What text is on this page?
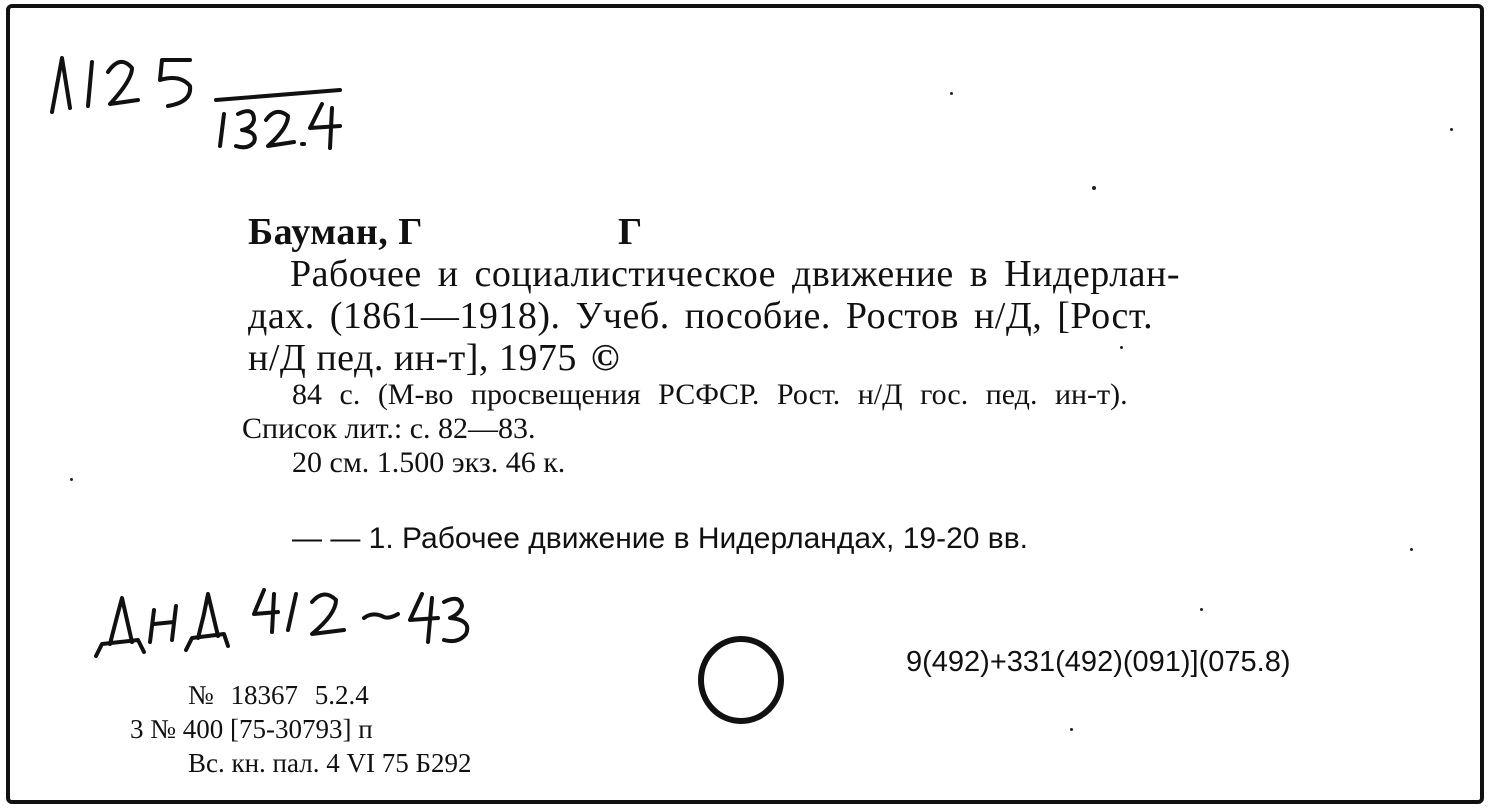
Бауман, Г	Г
Рабочее и социалистическое движение в Нидерлан-
дах. (1861—1918). Учеб. пособие. Ростов н/Д, [Рост.
н/Д пед. ин-т], 1975 ©
84 с. (М-во просвещения РСФСР. Рост. н/Д гос. пед. ин-т).
Список лит.: с. 82—83.
20 см. 1.500 экз. 46 к.
— — 1. Рабочее движение в Нидерландах, 19-20 вв.
9(492)+331(492)(091)](075.8)
№ 18367 5.2.4
3 № 400 [75-30793] п
Вс. кн. пал. 4 VI 75 Б292
